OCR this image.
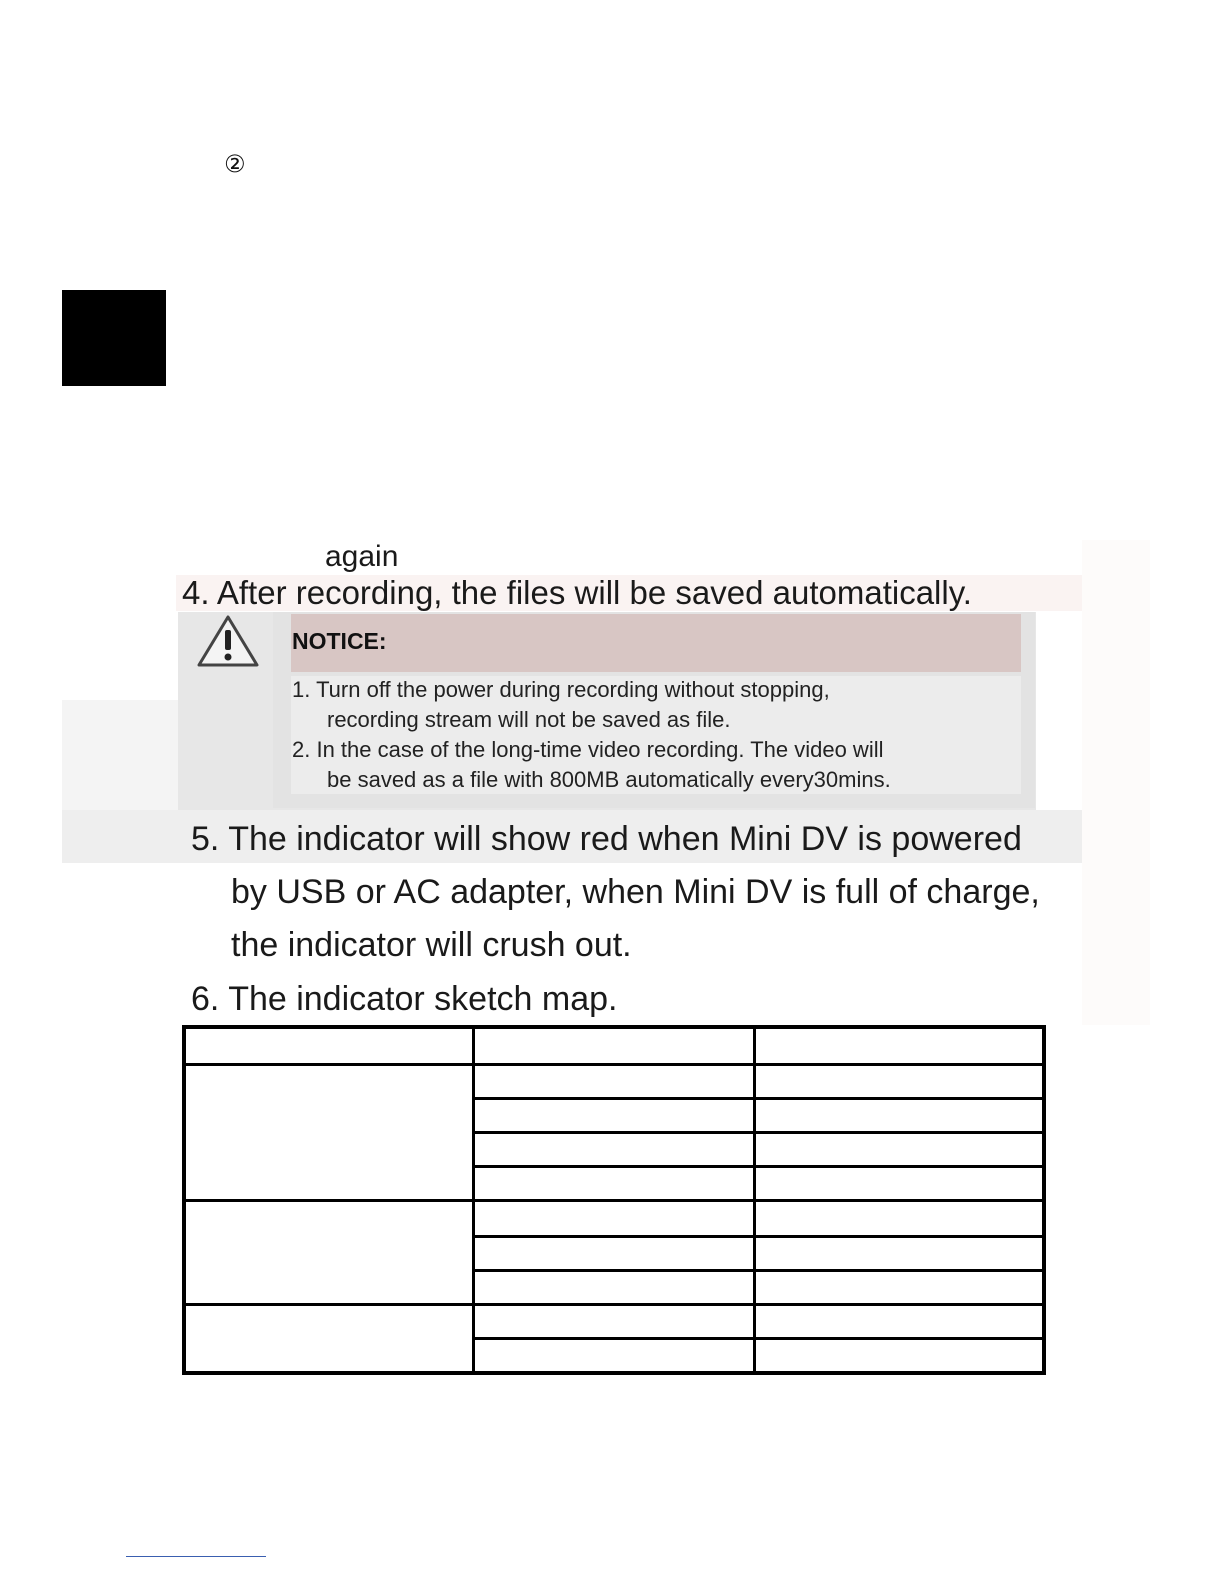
②
again
4. After recording, the files will be saved automatically.
NOTICE:
1. Turn off the power during recording without stopping,
recording stream will not be saved as file.
2. In the case of the long-time video recording. The video will
be saved as a file with 800MB automatically every30mins.
5. The indicator will show red when Mini DV is powered
by USB or AC adapter, when Mini DV is full of charge,
the indicator will crush out.
6. The indicator sketch map.
